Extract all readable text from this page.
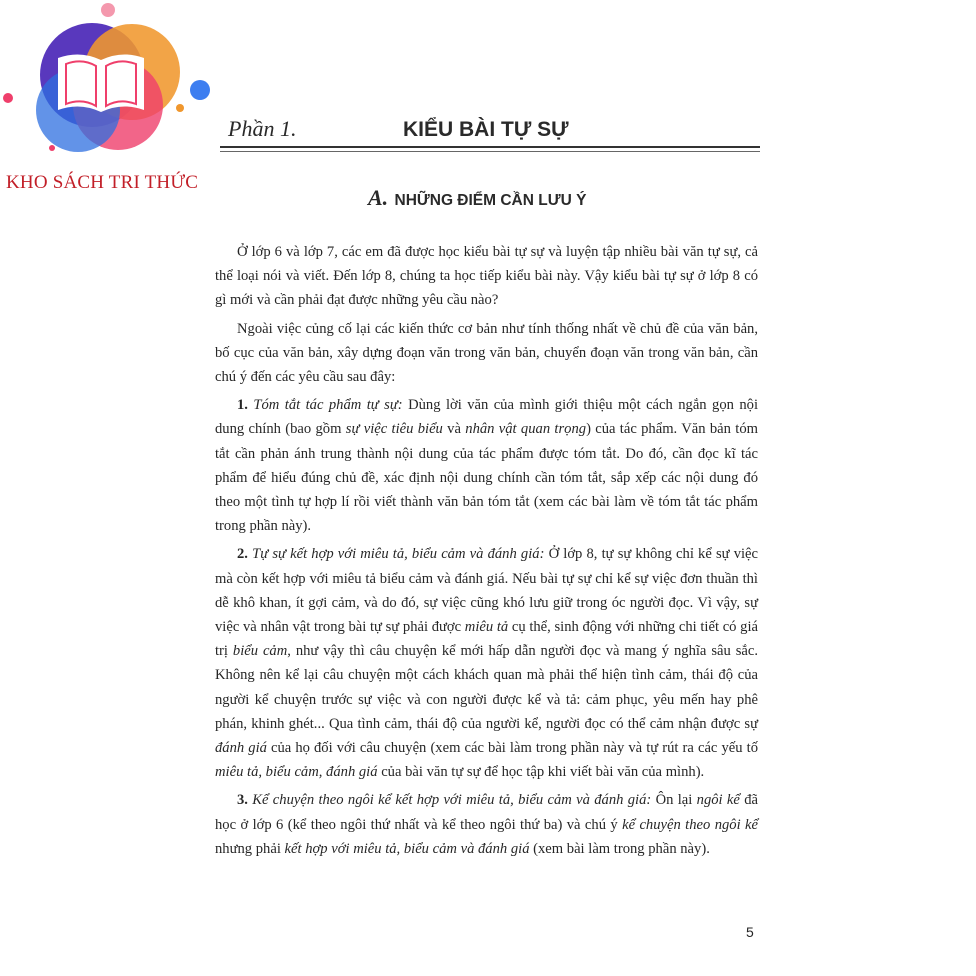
KHO SÁCH TRI THỨC
Phần 1.	KIỂU BÀI TỰ SỰ
A. NHỮNG ĐIỂM CẦN LƯU Ý

Ở lớp 6 và lớp 7, các em đã được học kiểu bài tự sự và luyện tập nhiều bài văn tự sự, cả thể loại nói và viết. Đến lớp 8, chúng ta học tiếp kiểu bài này. Vậy kiểu bài tự sự ở lớp 8 có gì mới và cần phải đạt được những yêu cầu nào?

Ngoài việc củng cố lại các kiến thức cơ bản như tính thống nhất về chủ đề của văn bản, bố cục của văn bản, xây dựng đoạn văn trong văn bản, chuyển đoạn văn trong văn bản, cần chú ý đến các yêu cầu sau đây:

1. Tóm tắt tác phẩm tự sự: Dùng lời văn của mình giới thiệu một cách ngắn gọn nội dung chính (bao gồm sự việc tiêu biểu và nhân vật quan trọng) của tác phẩm. Văn bản tóm tắt cần phản ánh trung thành nội dung của tác phẩm được tóm tắt. Do đó, cần đọc kĩ tác phẩm để hiểu đúng chủ đề, xác định nội dung chính cần tóm tắt, sắp xếp các nội dung đó theo một tình tự hợp lí rồi viết thành văn bản tóm tắt (xem các bài làm về tóm tắt tác phẩm trong phần này).

2. Tự sự kết hợp với miêu tả, biểu cảm và đánh giá: Ở lớp 8, tự sự không chỉ kể sự việc mà còn kết hợp với miêu tả biểu cảm và đánh giá. Nếu bài tự sự chỉ kể sự việc đơn thuần thì dễ khô khan, ít gợi cảm, và do đó, sự việc cũng khó lưu giữ trong óc người đọc. Vì vậy, sự việc và nhân vật trong bài tự sự phải được miêu tả cụ thể, sinh động với những chi tiết có giá trị biểu cảm, như vậy thì câu chuyện kể mới hấp dẫn người đọc và mang ý nghĩa sâu sắc. Không nên kể lại câu chuyện một cách khách quan mà phải thể hiện tình cảm, thái độ của người kể chuyện trước sự việc và con người được kể và tả: cảm phục, yêu mến hay phê phán, khinh ghét... Qua tình cảm, thái độ của người kể, người đọc có thể cảm nhận được sự đánh giá của họ đối với câu chuyện (xem các bài làm trong phần này và tự rút ra các yếu tố miêu tả, biểu cảm, đánh giá của bài văn tự sự để học tập khi viết bài văn của mình).

3. Kể chuyện theo ngôi kể kết hợp với miêu tả, biểu cảm và đánh giá: Ôn lại ngôi kể đã học ở lớp 6 (kể theo ngôi thứ nhất và kể theo ngôi thứ ba) và chú ý kể chuyện theo ngôi kể nhưng phải kết hợp với miêu tả, biểu cảm và đánh giá (xem bài làm trong phần này).

5
